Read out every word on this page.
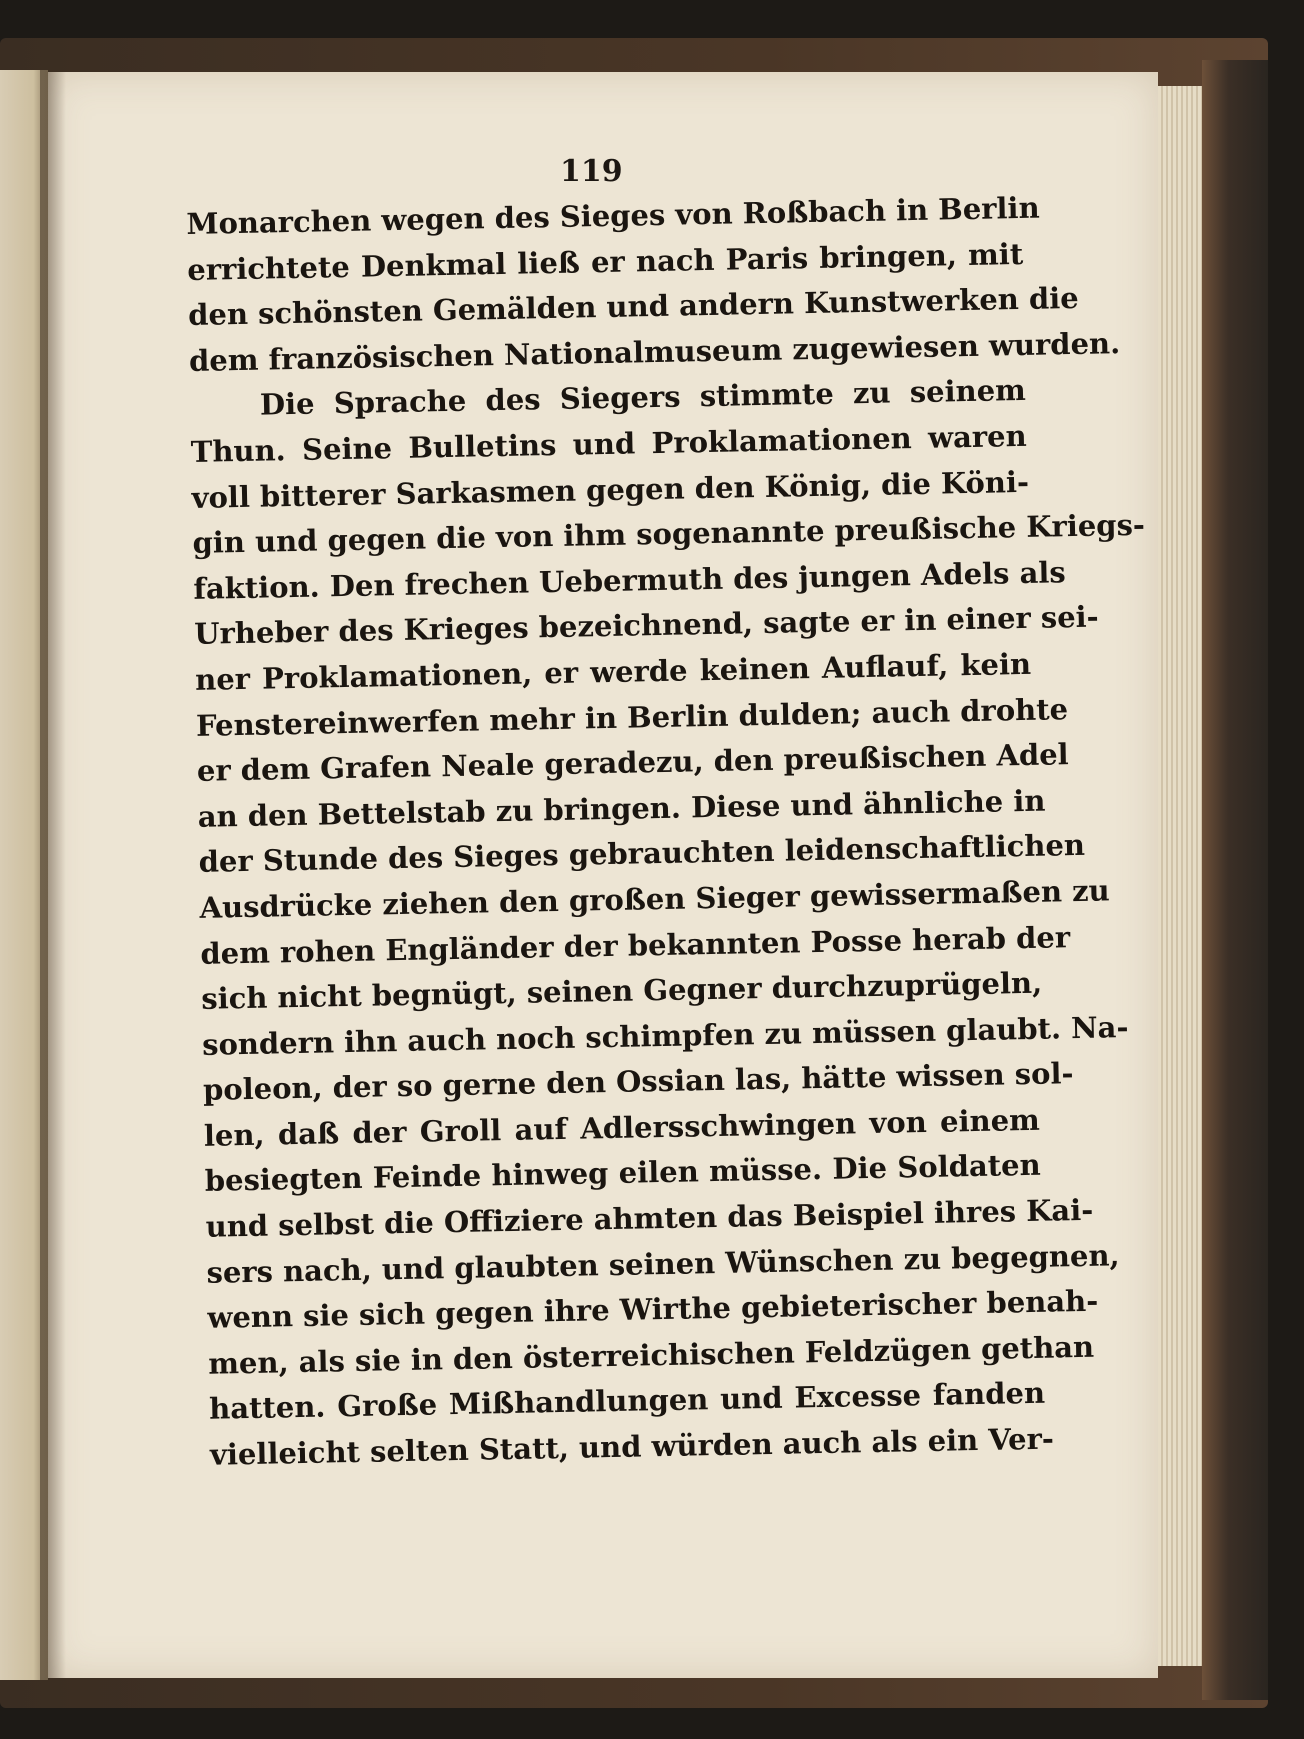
119
Monarchen wegen des Sieges von Roßbach in Berlin
errichtete Denkmal ließ er nach Paris bringen, mit
den schönsten Gemälden und andern Kunstwerken die
dem französischen Nationalmuseum zugewiesen wurden.
Die Sprache des Siegers stimmte zu seinem
Thun. Seine Bulletins und Proklamationen waren
voll bitterer Sarkasmen gegen den König, die Köni-
gin und gegen die von ihm sogenannte preußische Kriegs-
faktion. Den frechen Uebermuth des jungen Adels als
Urheber des Krieges bezeichnend, sagte er in einer sei-
ner Proklamationen, er werde keinen Auflauf, kein
Fenstereinwerfen mehr in Berlin dulden; auch drohte
er dem Grafen Neale geradezu, den preußischen Adel
an den Bettelstab zu bringen. Diese und ähnliche in
der Stunde des Sieges gebrauchten leidenschaftlichen
Ausdrücke ziehen den großen Sieger gewissermaßen zu
dem rohen Engländer der bekannten Posse herab der
sich nicht begnügt, seinen Gegner durchzuprügeln,
sondern ihn auch noch schimpfen zu müssen glaubt. Na-
poleon, der so gerne den Ossian las, hätte wissen sol-
len, daß der Groll auf Adlersschwingen von einem
besiegten Feinde hinweg eilen müsse. Die Soldaten
und selbst die Offiziere ahmten das Beispiel ihres Kai-
sers nach, und glaubten seinen Wünschen zu begegnen,
wenn sie sich gegen ihre Wirthe gebieterischer benah-
men, als sie in den österreichischen Feldzügen gethan
hatten. Große Mißhandlungen und Excesse fanden
vielleicht selten Statt, und würden auch als ein Ver-
